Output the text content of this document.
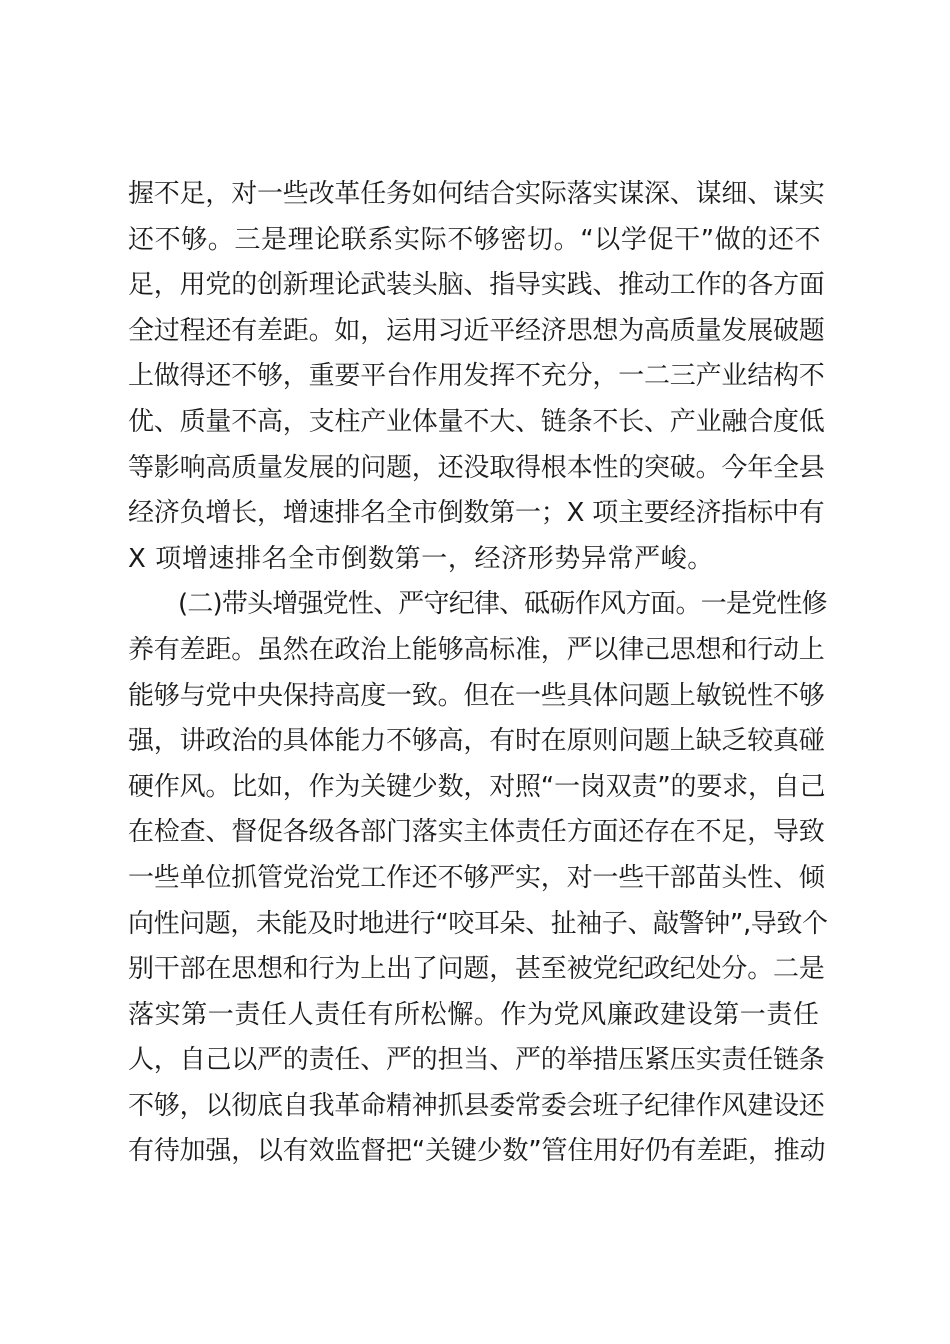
握不足，对一些改革任务如何结合实际落实谋深、谋细、谋实
还不够。三是理论联系实际不够密切。“以学促干”做的还不
足，用党的创新理论武装头脑、指导实践、推动工作的各方面
全过程还有差距。如，运用习近平经济思想为高质量发展破题
上做得还不够，重要平台作用发挥不充分，一二三产业结构不
优、质量不高，支柱产业体量不大、链条不长、产业融合度低
等影响高质量发展的问题，还没取得根本性的突破。今年全县
经济负增长，增速排名全市倒数第一；X 项主要经济指标中有
X 项增速排名全市倒数第一，经济形势异常严峻。
(二)带头增强党性、严守纪律、砥砺作风方面。一是党性修
养有差距。虽然在政治上能够高标准，严以律己思想和行动上
能够与党中央保持高度一致。但在一些具体问题上敏锐性不够
强，讲政治的具体能力不够高，有时在原则问题上缺乏较真碰
硬作风。比如，作为关键少数，对照“一岗双责”的要求，自己
在检查、督促各级各部门落实主体责任方面还存在不足，导致
一些单位抓管党治党工作还不够严实，对一些干部苗头性、倾
向性问题，未能及时地进行“咬耳朵、扯袖子、敲警钟”,导致个
别干部在思想和行为上出了问题，甚至被党纪政纪处分。二是
落实第一责任人责任有所松懈。作为党风廉政建设第一责任
人，自己以严的责任、严的担当、严的举措压紧压实责任链条
不够，以彻底自我革命精神抓县委常委会班子纪律作风建设还
有待加强，以有效监督把“关键少数”管住用好仍有差距，推动
